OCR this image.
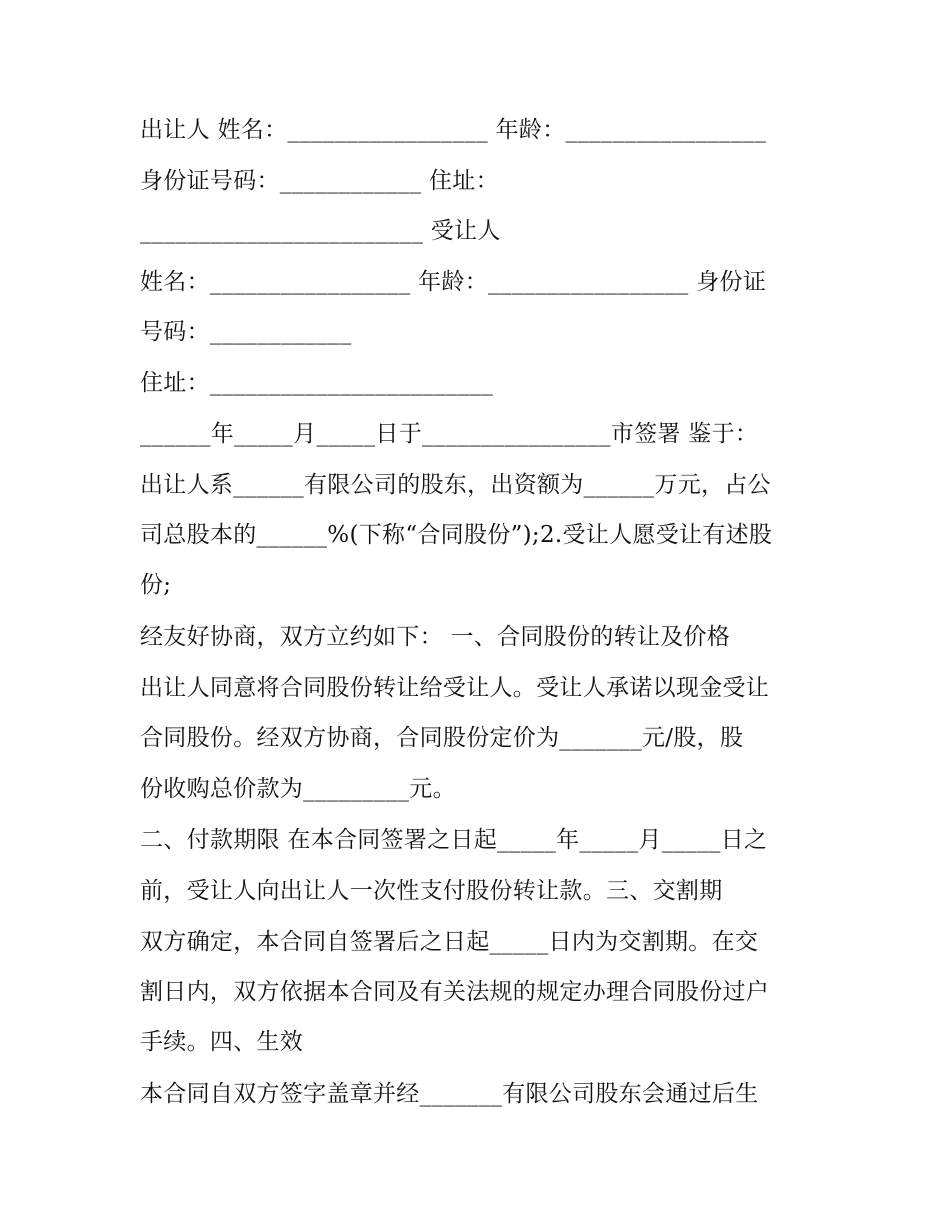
出让人 姓名：_________________ 年龄：_________________
身份证号码：____________ 住址：
________________________ 受让人
姓名：_________________ 年龄：_________________ 身份证
号码：____________
住址：________________________
______年_____月_____日于________________市签署 鉴于：
出让人系______有限公司的股东，出资额为______万元，占公
司总股本的______%(下称“合同股份”);2.受让人愿受让有述股
份;
经友好协商，双方立约如下： 一、合同股份的转让及价格
出让人同意将合同股份转让给受让人。受让人承诺以现金受让
合同股份。经双方协商，合同股份定价为_______元/股，股
份收购总价款为_________元。
二、付款期限 在本合同签署之日起_____年_____月_____日之
前，受让人向出让人一次性支付股份转让款。三、交割期
双方确定，本合同自签署后之日起_____日内为交割期。在交
割日内，双方依据本合同及有关法规的规定办理合同股份过户
手续。四、生效
本合同自双方签字盖章并经_______有限公司股东会通过后生
